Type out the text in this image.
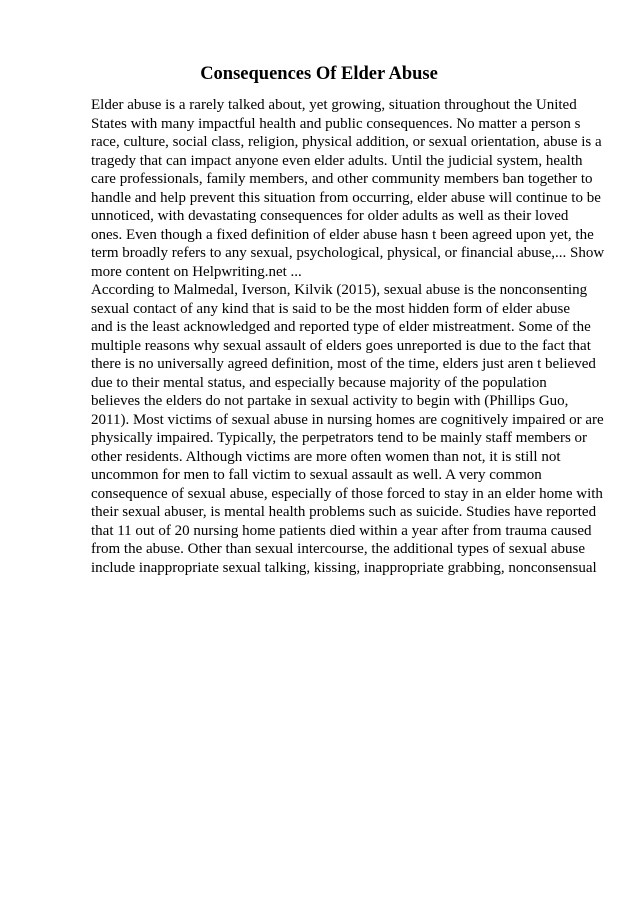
Consequences Of Elder Abuse
Elder abuse is a rarely talked about, yet growing, situation throughout the United
States with many impactful health and public consequences. No matter a person s
race, culture, social class, religion, physical addition, or sexual orientation, abuse is a
tragedy that can impact anyone even elder adults. Until the judicial system, health
care professionals, family members, and other community members ban together to
handle and help prevent this situation from occurring, elder abuse will continue to be
unnoticed, with devastating consequences for older adults as well as their loved
ones. Even though a fixed definition of elder abuse hasn t been agreed upon yet, the
term broadly refers to any sexual, psychological, physical, or financial abuse,... Show
more content on Helpwriting.net ...
According to Malmedal, Iverson, Kilvik (2015), sexual abuse is the nonconsenting
sexual contact of any kind that is said to be the most hidden form of elder abuse
and is the least acknowledged and reported type of elder mistreatment. Some of the
multiple reasons why sexual assault of elders goes unreported is due to the fact that
there is no universally agreed definition, most of the time, elders just aren t believed
due to their mental status, and especially because majority of the population
believes the elders do not partake in sexual activity to begin with (Phillips Guo,
2011). Most victims of sexual abuse in nursing homes are cognitively impaired or are
physically impaired. Typically, the perpetrators tend to be mainly staff members or
other residents. Although victims are more often women than not, it is still not
uncommon for men to fall victim to sexual assault as well. A very common
consequence of sexual abuse, especially of those forced to stay in an elder home with
their sexual abuser, is mental health problems such as suicide. Studies have reported
that 11 out of 20 nursing home patients died within a year after from trauma caused
from the abuse. Other than sexual intercourse, the additional types of sexual abuse
include inappropriate sexual talking, kissing, inappropriate grabbing, nonconsensual
